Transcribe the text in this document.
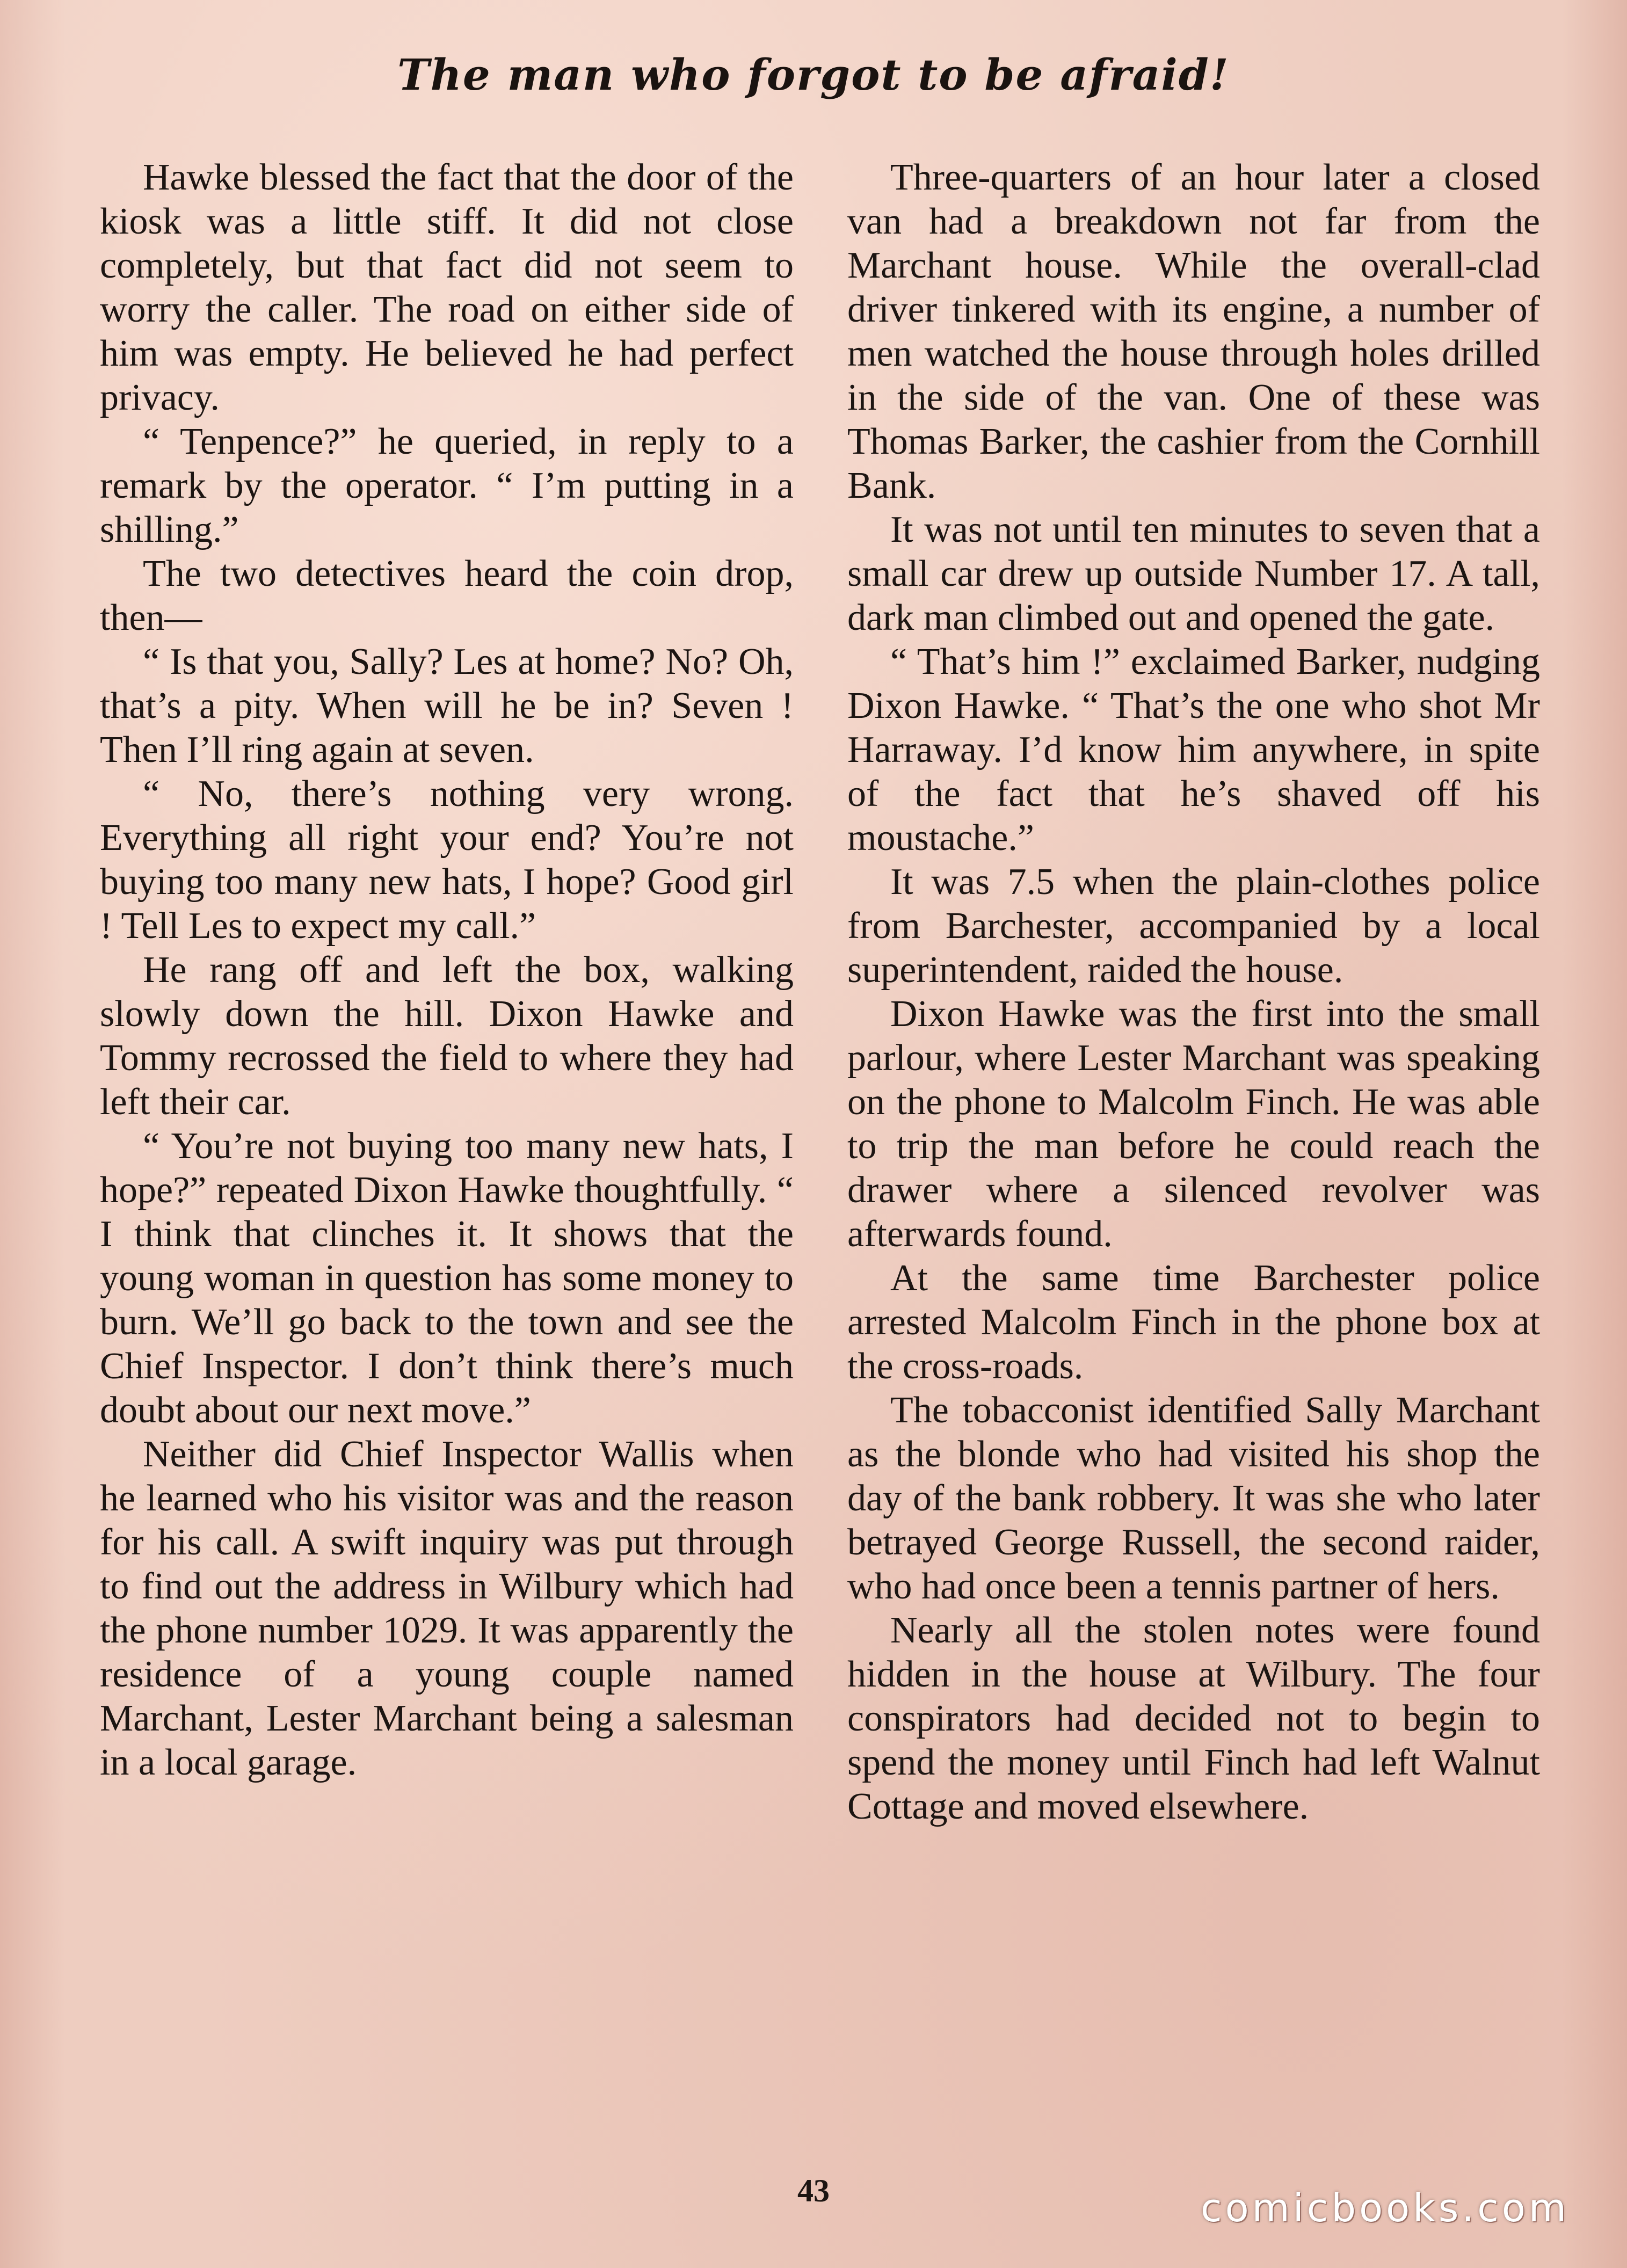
The man who forgot to be afraid!

Hawke blessed the fact that the door of the kiosk was a little stiff. It did not close completely, but that fact did not seem to worry the caller. The road on either side of him was empty. He believed he had perfect privacy.

“ Tenpence?” he queried, in reply to a remark by the operator. “ I’m putting in a shilling.”

The two detectives heard the coin drop, then—

“ Is that you, Sally? Les at home? No? Oh, that’s a pity. When will he be in? Seven ! Then I’ll ring again at seven.

“ No, there’s nothing very wrong. Everything all right your end? You’re not buying too many new hats, I hope? Good girl ! Tell Les to expect my call.”

He rang off and left the box, walking slowly down the hill. Dixon Hawke and Tommy recrossed the field to where they had left their car.

“ You’re not buying too many new hats, I hope?” repeated Dixon Hawke thoughtfully. “ I think that clinches it. It shows that the young woman in question has some money to burn. We’ll go back to the town and see the Chief Inspector. I don’t think there’s much doubt about our next move.”

Neither did Chief Inspector Wallis when he learned who his visitor was and the reason for his call. A swift inquiry was put through to find out the address in Wilbury which had the phone number 1029. It was apparently the residence of a young couple named Marchant, Lester Marchant being a salesman in a local garage.

Three-quarters of an hour later a closed van had a breakdown not far from the Marchant house. While the overall-clad driver tinkered with its engine, a number of men watched the house through holes drilled in the side of the van. One of these was Thomas Barker, the cashier from the Cornhill Bank.

It was not until ten minutes to seven that a small car drew up outside Number 17. A tall, dark man climbed out and opened the gate.

“ That’s him !” exclaimed Barker, nudging Dixon Hawke. “ That’s the one who shot Mr Harraway. I’d know him anywhere, in spite of the fact that he’s shaved off his moustache.”

It was 7.5 when the plain-clothes police from Barchester, accompanied by a local superintendent, raided the house.

Dixon Hawke was the first into the small parlour, where Lester Marchant was speaking on the phone to Malcolm Finch. He was able to trip the man before he could reach the drawer where a silenced revolver was afterwards found.

At the same time Barchester police arrested Malcolm Finch in the phone box at the cross-roads.

The tobacconist identified Sally Marchant as the blonde who had visited his shop the day of the bank robbery. It was she who later betrayed George Russell, the second raider, who had once been a tennis partner of hers.

Nearly all the stolen notes were found hidden in the house at Wilbury. The four conspirators had decided not to begin to spend the money until Finch had left Walnut Cottage and moved elsewhere.

43	comicbooks.com
